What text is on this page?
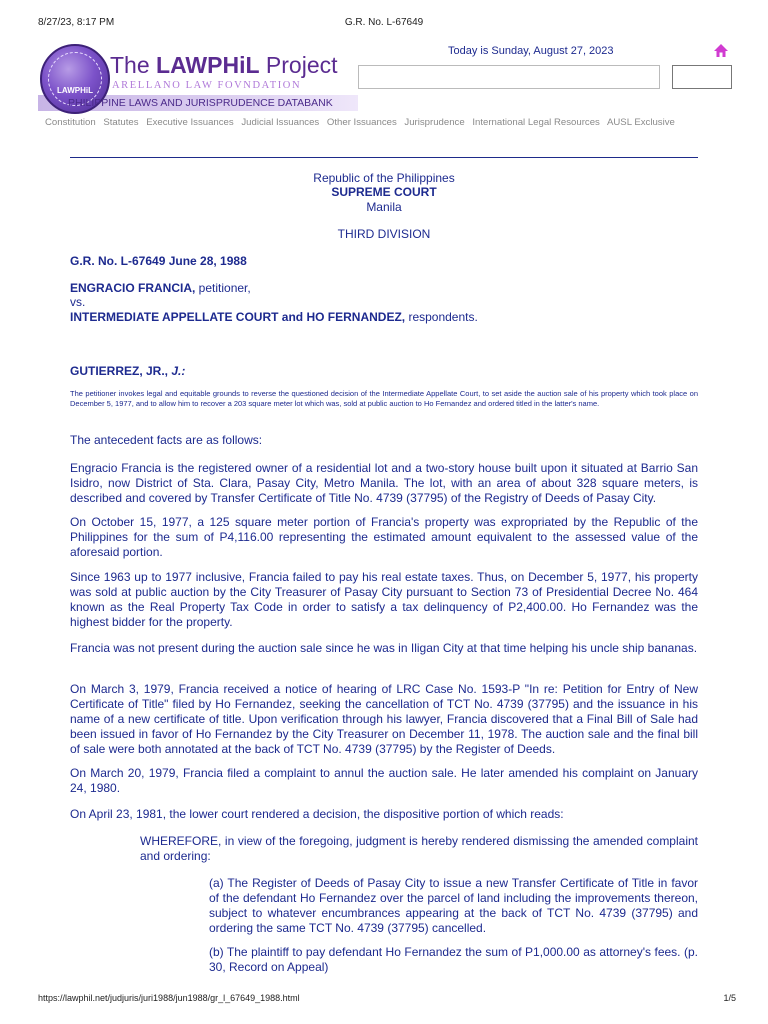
8/27/23, 8:17 PM	G.R. No. L-67649
LAWPHiL
The LAWPHiL Project
ARELLANO LAW FOVNDATION
PHILIPPINE LAWS AND JURISPRUDENCE DATABANK
Today is Sunday, August 27, 2023
Constitution Statutes Executive Issuances Judicial Issuances Other Issuances Jurisprudence International Legal Resources AUSL Exclusive
Republic of the Philippines
SUPREME COURT
Manila
THIRD DIVISION
G.R. No. L-67649 June 28, 1988
ENGRACIO FRANCIA, petitioner,
vs.
INTERMEDIATE APPELLATE COURT and HO FERNANDEZ, respondents.
GUTIERREZ, JR., J.:
The petitioner invokes legal and equitable grounds to reverse the questioned decision of the Intermediate Appellate Court, to set aside the auction sale of his property which took place on December 5, 1977, and to allow him to recover a 203 square meter lot which was, sold at public auction to Ho Fernandez and ordered titled in the latter's name.
The antecedent facts are as follows:
Engracio Francia is the registered owner of a residential lot and a two-story house built upon it situated at Barrio San Isidro, now District of Sta. Clara, Pasay City, Metro Manila. The lot, with an area of about 328 square meters, is described and covered by Transfer Certificate of Title No. 4739 (37795) of the Registry of Deeds of Pasay City.
On October 15, 1977, a 125 square meter portion of Francia's property was expropriated by the Republic of the Philippines for the sum of P4,116.00 representing the estimated amount equivalent to the assessed value of the aforesaid portion.
Since 1963 up to 1977 inclusive, Francia failed to pay his real estate taxes. Thus, on December 5, 1977, his property was sold at public auction by the City Treasurer of Pasay City pursuant to Section 73 of Presidential Decree No. 464 known as the Real Property Tax Code in order to satisfy a tax delinquency of P2,400.00. Ho Fernandez was the highest bidder for the property.
Francia was not present during the auction sale since he was in Iligan City at that time helping his uncle ship bananas.
On March 3, 1979, Francia received a notice of hearing of LRC Case No. 1593-P "In re: Petition for Entry of New Certificate of Title" filed by Ho Fernandez, seeking the cancellation of TCT No. 4739 (37795) and the issuance in his name of a new certificate of title. Upon verification through his lawyer, Francia discovered that a Final Bill of Sale had been issued in favor of Ho Fernandez by the City Treasurer on December 11, 1978. The auction sale and the final bill of sale were both annotated at the back of TCT No. 4739 (37795) by the Register of Deeds.
On March 20, 1979, Francia filed a complaint to annul the auction sale. He later amended his complaint on January 24, 1980.
On April 23, 1981, the lower court rendered a decision, the dispositive portion of which reads:
WHEREFORE, in view of the foregoing, judgment is hereby rendered dismissing the amended complaint and ordering:
(a) The Register of Deeds of Pasay City to issue a new Transfer Certificate of Title in favor of the defendant Ho Fernandez over the parcel of land including the improvements thereon, subject to whatever encumbrances appearing at the back of TCT No. 4739 (37795) and ordering the same TCT No. 4739 (37795) cancelled.
(b) The plaintiff to pay defendant Ho Fernandez the sum of P1,000.00 as attorney's fees. (p. 30, Record on Appeal)
https://lawphil.net/judjuris/juri1988/jun1988/gr_l_67649_1988.html	1/5
